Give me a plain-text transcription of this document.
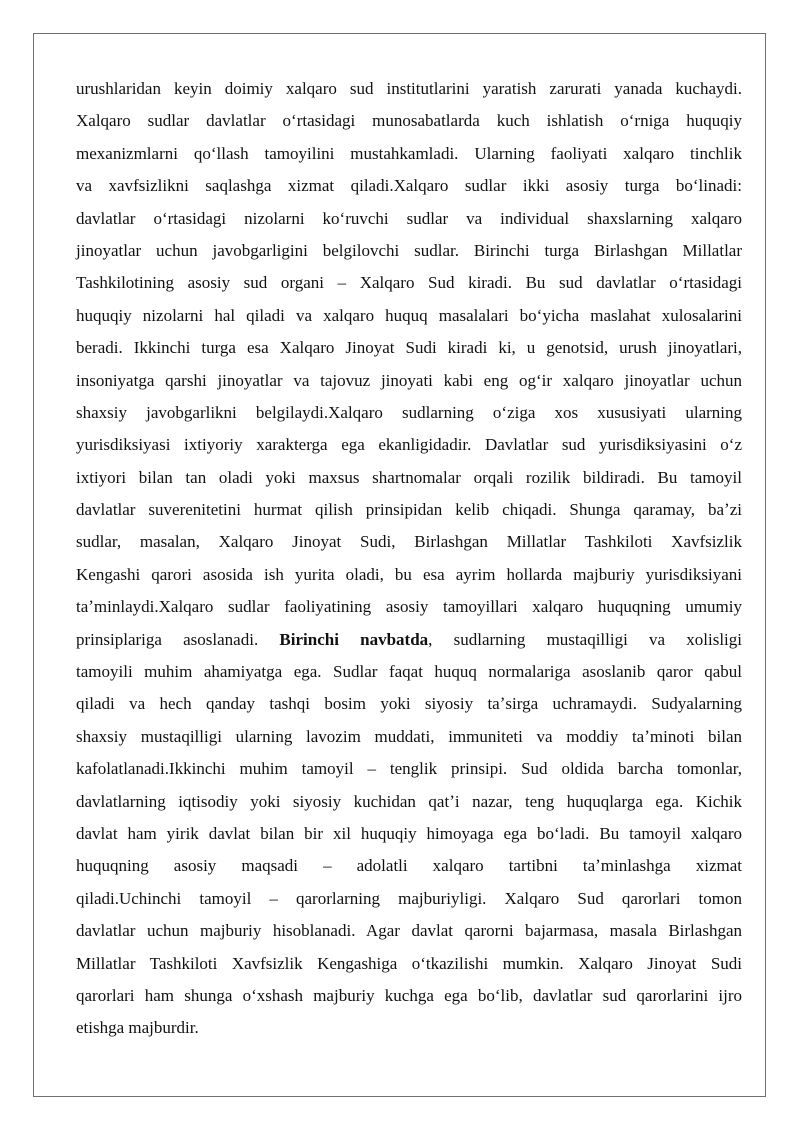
urushlaridan keyin doimiy xalqaro sud institutlarini yaratish zarurati yanada kuchaydi.
Xalqaro sudlar davlatlar oʻrtasidagi munosabatlarda kuch ishlatish oʻrniga huquqiy
mexanizmlarni qoʻllash tamoyilini mustahkamladi. Ularning faoliyati xalqaro tinchlik
va xavfsizlikni saqlashga xizmat qiladi.Xalqaro sudlar ikki asosiy turga boʻlinadi:
davlatlar oʻrtasidagi nizolarni koʻruvchi sudlar va individual shaxslarning xalqaro
jinoyatlar uchun javobgarligini belgilovchi sudlar. Birinchi turga Birlashgan Millatlar
Tashkilotining asosiy sud organi – Xalqaro Sud kiradi. Bu sud davlatlar oʻrtasidagi
huquqiy nizolarni hal qiladi va xalqaro huquq masalalari boʻyicha maslahat xulosalarini
beradi. Ikkinchi turga esa Xalqaro Jinoyat Sudi kiradi ki, u genotsid, urush jinoyatlari,
insoniyatga qarshi jinoyatlar va tajovuz jinoyati kabi eng ogʻir xalqaro jinoyatlar uchun
shaxsiy javobgarlikni belgilaydi.Xalqaro sudlarning oʻziga xos xususiyati ularning
yurisdiksiyasi ixtiyoriy xarakterga ega ekanligidadir. Davlatlar sud yurisdiksiyasini oʻz
ixtiyori bilan tan oladi yoki maxsus shartnomalar orqali rozilik bildiradi. Bu tamoyil
davlatlar suverenitetini hurmat qilish prinsipidan kelib chiqadi. Shunga qaramay, baʼzi
sudlar, masalan, Xalqaro Jinoyat Sudi, Birlashgan Millatlar Tashkiloti Xavfsizlik
Kengashi qarori asosida ish yurita oladi, bu esa ayrim hollarda majburiy yurisdiksiyani
taʼminlaydi.Xalqaro sudlar faoliyatining asosiy tamoyillari xalqaro huquqning umumiy
prinsiplariga asoslanadi. Birinchi navbatda, sudlarning mustaqilligi va xolisligi
tamoyili muhim ahamiyatga ega. Sudlar faqat huquq normalariga asoslanib qaror qabul
qiladi va hech qanday tashqi bosim yoki siyosiy taʼsirga uchramaydi. Sudyalarning
shaxsiy mustaqilligi ularning lavozim muddati, immuniteti va moddiy taʼminoti bilan
kafolatlanadi.Ikkinchi muhim tamoyil – tenglik prinsipi. Sud oldida barcha tomonlar,
davlatlarning iqtisodiy yoki siyosiy kuchidan qatʼi nazar, teng huquqlarga ega. Kichik
davlat ham yirik davlat bilan bir xil huquqiy himoyaga ega boʻladi. Bu tamoyil xalqaro
huquqning asosiy maqsadi – adolatli xalqaro tartibni taʼminlashga xizmat
qiladi.Uchinchi tamoyil – qarorlarning majburiyligi. Xalqaro Sud qarorlari tomon
davlatlar uchun majburiy hisoblanadi. Agar davlat qarorni bajarmasa, masala Birlashgan
Millatlar Tashkiloti Xavfsizlik Kengashiga oʻtkazilishi mumkin. Xalqaro Jinoyat Sudi
qarorlari ham shunga oʻxshash majburiy kuchga ega boʻlib, davlatlar sud qarorlarini ijro
etishga majburdir.
